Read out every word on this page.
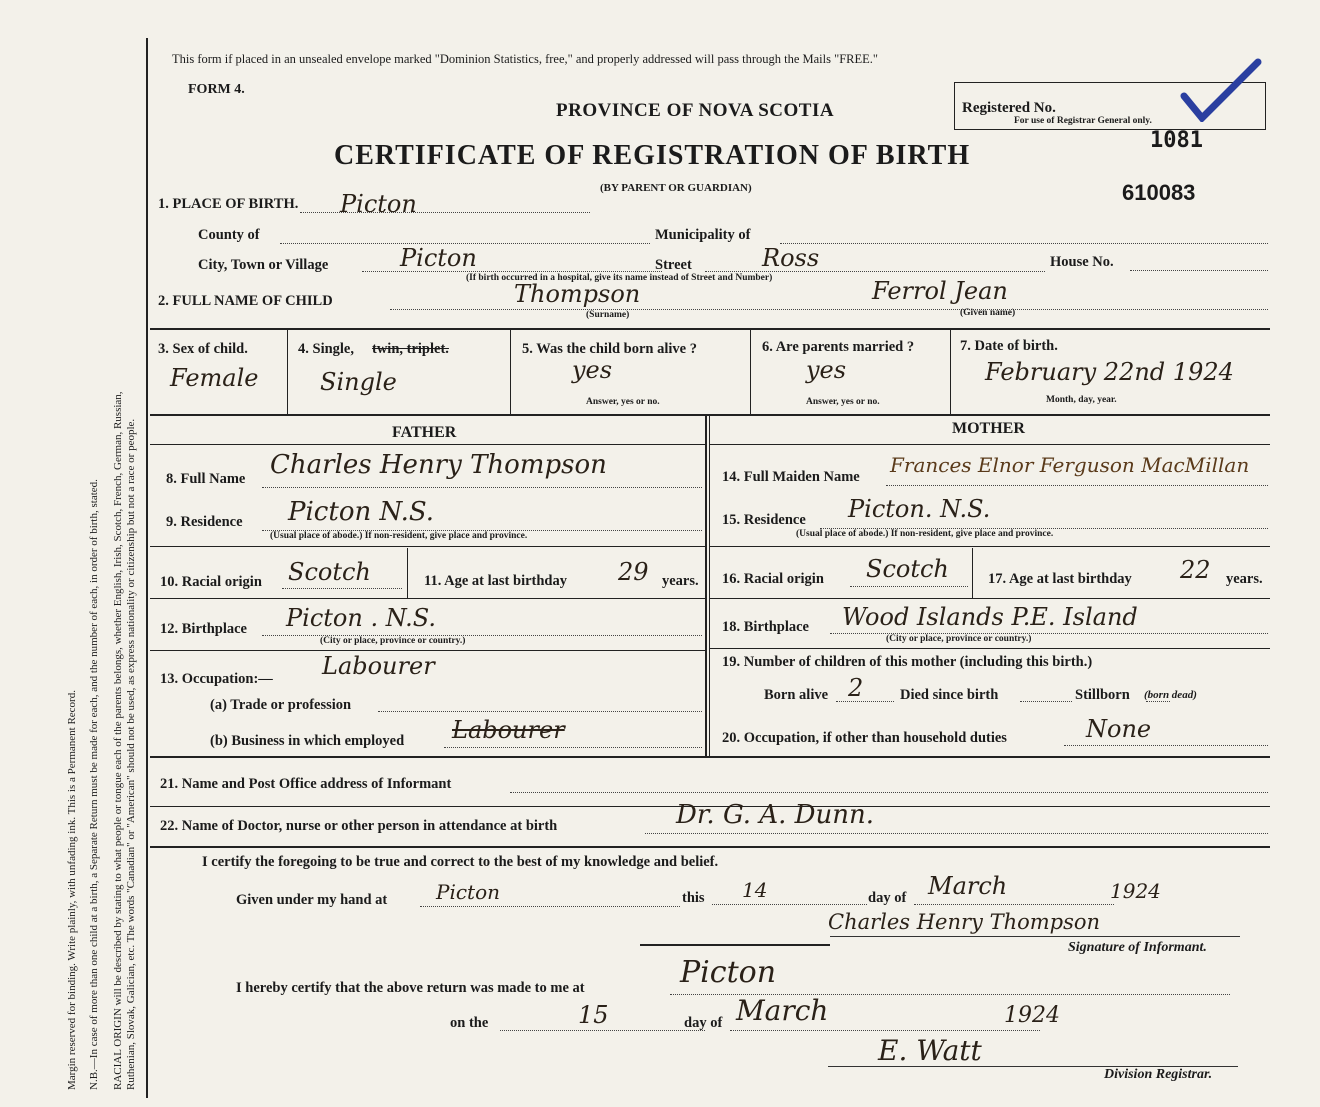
Margin reserved for binding. Write plainly, with unfading ink. This is a Permanent Record. N.B.—In case of more than one child at a birth, a Separate Return must be made for each, and the number of each, in order of birth, stated. RACIAL ORIGIN will be described by stating to what people or tongue each of the parents belongs, whether English, Irish, Scotch, French, German, Russian, Ruthenian, Slovak, Galician, etc. The words "Canadian" or "American" should not be used, as express nationality or citizenship but not a race or people.
This form if placed in an unsealed envelope marked "Dominion Statistics, free," and properly addressed will pass through the Mails "FREE."
FORM 4.
PROVINCE OF NOVA SCOTIA
CERTIFICATE OF REGISTRATION OF BIRTH
(BY PARENT OR GUARDIAN)	610083
Registered No.
For use of Registrar General only.
1081
1. PLACE OF BIRTH. Picton
County of	Municipality of
City, Town or Village	Picton	Street	Ross	House No.
(If birth occurred in a hospital, give its name instead of Street and Number)
2. FULL NAME OF CHILD	Thompson
(Surname)
Ferrol Jean
(Given name)
3. Sex of child.
Female
4. Single, twin, triplet.
Single
5. Was the child born alive ?
yes
Answer, yes or no.
6. Are parents married ?
yes
Answer, yes or no.
7. Date of birth.
February 22nd 1924
Month, day, year.
FATHER	MOTHER
8. Full Name Charles Henry Thompson
9. Residence Picton N.S.
(Usual place of abode.) If non-resident, give place and province.
10. Racial origin Scotch	11. Age at last birthday 29 years.
12. Birthplace Picton . N.S.
(City or place, province or country.)
13. Occupation:— Labourer
(a) Trade or profession
(b) Business in which employed Labourer
14. Full Maiden Name Frances Elnor Ferguson MacMillan
15. Residence Picton. N.S.
(Usual place of abode.) If non-resident, give place and province.
16. Racial origin Scotch	17. Age at last birthday 22 years.
18. Birthplace Wood Islands P.E. Island
(City or place, province or country.)
19. Number of children of this mother (including this birth.)
Born alive 2	Died since birth	Stillborn (born dead)
20. Occupation, if other than household duties	None
21. Name and Post Office address of Informant
22. Name of Doctor, nurse or other person in attendance at birth	Dr. G. A. Dunn.
I certify the foregoing to be true and correct to the best of my knowledge and belief.
Given under my hand at Picton	this 14	day of March	1924
Charles Henry Thompson
Signature of Informant.
I hereby certify that the above return was made to me at	Picton
on the	15	day of March	1924
E. Watt
Division Registrar.
